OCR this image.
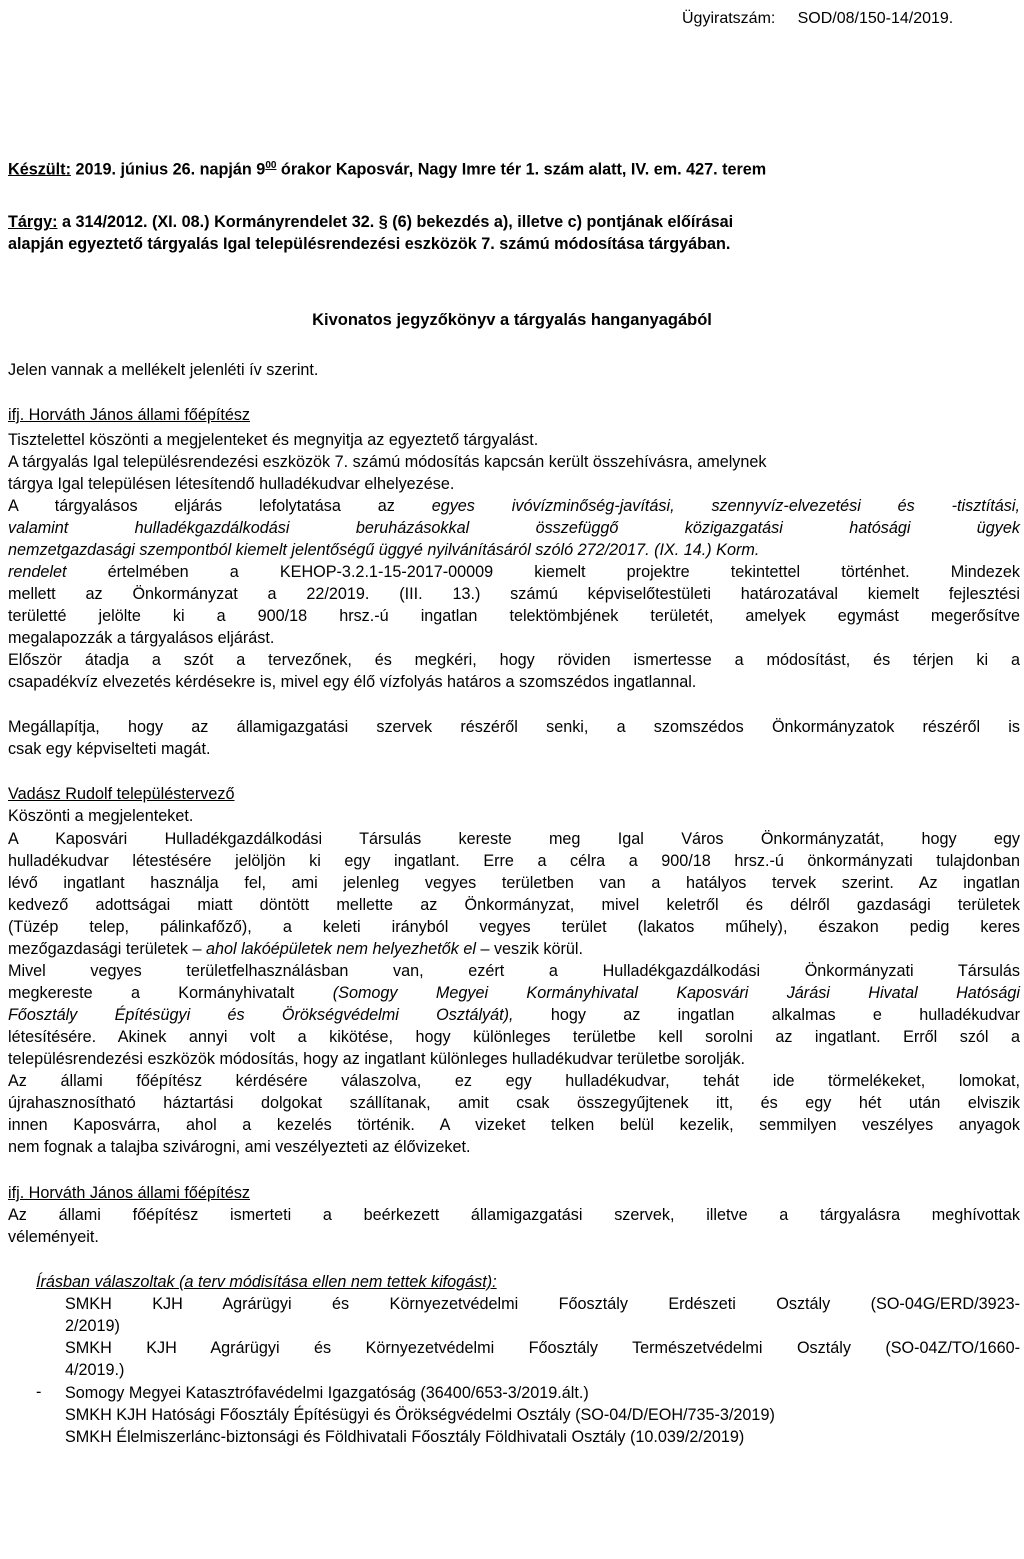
Ügyiratszám:     SOD/08/150-14/2019.
Készült: 2019. június 26. napján $9^{00}$ órakor Kaposvár, Nagy Imre tér 1. szám alatt, IV. em. 427. terem
Tárgy: a 314/2012. (XI. 08.) Kormányrendelet 32. § (6) bekezdés a), illetve c) pontjának előírásai
alapján egyeztető tárgyalás Igal településrendezési eszközök 7. számú módosítása tárgyában.
Kivonatos jegyzőkönyv a tárgyalás hanganyagából
Jelen vannak a mellékelt jelenléti ív szerint.
ifj. Horváth János állami főépítész
Tisztelettel köszönti a megjelenteket és megnyitja az egyeztető tárgyalást.
A tárgyalás Igal településrendezési eszközök 7. számú módosítás kapcsán került összehívásra, amelynek
tárgya Igal településen létesítendő hulladékudvar elhelyezése.
A tárgyalásos eljárás lefolytatása az egyes ivóvízminőség-javítási, szennyvíz-elvezetési és -tisztítási,
valamint hulladékgazdálkodási beruházásokkal összefüggő közigazgatási hatósági ügyek
nemzetgazdasági szempontból kiemelt jelentőségű üggyé nyilvánításáról szóló 272/2017. (IX. 14.) Korm.
rendelet értelmében a KEHOP-3.2.1-15-2017-00009 kiemelt projektre tekintettel történhet. Mindezek
mellett az Önkormányzat a 22/2019. (III. 13.) számú képviselőtestületi határozatával kiemelt fejlesztési
területté jelölte ki a 900/18 hrsz.-ú ingatlan telektömbjének területét, amelyek egymást megerősítve
megalapozzák a tárgyalásos eljárást.
Először átadja a szót a tervezőnek, és megkéri, hogy röviden ismertesse a módosítást, és térjen ki a
csapadékvíz elvezetés kérdésekre is, mivel egy élő vízfolyás határos a szomszédos ingatlannal.
Megállapítja, hogy az államigazgatási szervek részéről senki, a szomszédos Önkormányzatok részéről is
csak egy képviselteti magát.
Vadász Rudolf településtervező
Köszönti a megjelenteket.
A Kaposvári Hulladékgazdálkodási Társulás kereste meg Igal Város Önkormányzatát, hogy egy
hulladékudvar létestésére jelöljön ki egy ingatlant. Erre a célra a 900/18 hrsz.-ú önkormányzati tulajdonban
lévő ingatlant használja fel, ami jelenleg vegyes területben van a hatályos tervek szerint. Az ingatlan
kedvező adottságai miatt döntött mellette az Önkormányzat, mivel keletről és délről gazdasági területek
(Tüzép telep, pálinkafőző), a keleti irányból vegyes terület (lakatos műhely), északon pedig keres
mezőgazdasági területek – ahol lakóépületek nem helyezhetők el – veszik körül.
Mivel vegyes területfelhasználásban van, ezért a Hulladékgazdálkodási Önkormányzati Társulás
megkereste a Kormányhivatalt (Somogy Megyei Kormányhivatal Kaposvári Járási Hivatal Hatósági
Főosztály Építésügyi és Örökségvédelmi Osztályát), hogy az ingatlan alkalmas e hulladékudvar
létesítésére. Akinek annyi volt a kikötése, hogy különleges területbe kell sorolni az ingatlant. Erről szól a
településrendezési eszközök módosítás, hogy az ingatlant különleges hulladékudvar területbe sorolják.
Az állami főépítész kérdésére válaszolva, ez egy hulladékudvar, tehát ide törmelékeket, lomokat,
újrahasznosítható háztartási dolgokat szállítanak, amit csak összegyűjtenek itt, és egy hét után elviszik
innen Kaposvárra, ahol a kezelés történik. A vizeket telken belül kezelik, semmilyen veszélyes anyagok
nem fognak a talajba szivárogni, ami veszélyezteti az élővizeket.
ifj. Horváth János állami főépítész
Az állami főépítész ismerteti a beérkezett államigazgatási szervek, illetve a tárgyalásra meghívottak
véleményeit.
Írásban válaszoltak (a terv módisítása ellen nem tettek kifogást):
SMKH KJH Agrárügyi és Környezetvédelmi Főosztály Erdészeti Osztály (SO-04G/ERD/3923-
2/2019)
SMKH KJH Agrárügyi és Környezetvédelmi Főosztály Természetvédelmi Osztály (SO-04Z/TO/1660-
4/2019.)
- Somogy Megyei Katasztrófavédelmi Igazgatóság (36400/653-3/2019.ált.)
SMKH KJH Hatósági Főosztály Építésügyi és Örökségvédelmi Osztály (SO-04/D/EOH/735-3/2019)
SMKH Élelmiszerlánc-biztonsági és Földhivatali Főosztály Földhivatali Osztály (10.039/2/2019)
